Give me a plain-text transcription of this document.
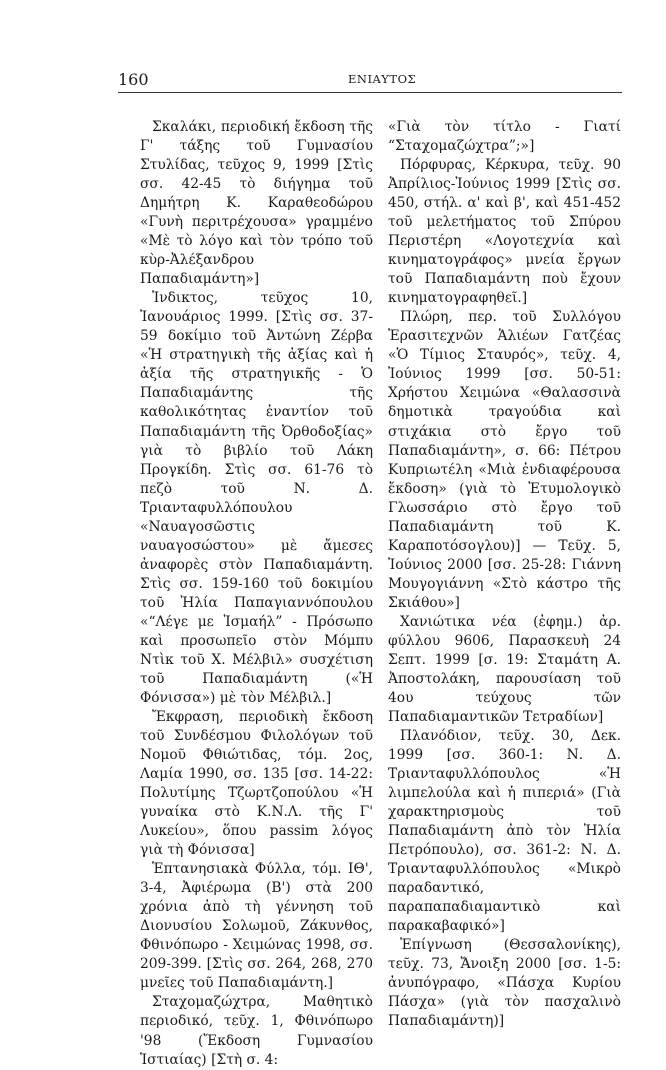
160	ΕΝΙΑΥΤΟΣ

Σκαλάκι, περιοδική ἔκδοση τῆς Γ' τάξης τοῦ Γυμνασίου Στυλίδας, τεῦχος 9, 1999 [Στὶς σσ. 42-45 τὸ διήγημα τοῦ Δημήτρη Κ. Καραθεοδώρου «Γυνὴ περιτρέχουσα» γραμμένο «Μὲ τὸ λόγο καὶ τὸν τρόπο τοῦ κὺρ-Ἀλέξανδρου Παπαδιαμάντη»]

Ἰνδικτος, τεῦχος 10, Ἰανουάριος 1999. [Στὶς σσ. 37-59 δοκίμιο τοῦ Ἀντώνη Ζέρβα «Ἡ στρατηγικὴ τῆς ἀξίας καὶ ἡ ἀξία τῆς στρατηγικῆς - Ὁ Παπαδιαμάντης τῆς καθολικότητας ἐναντίον τοῦ Παπαδιαμάντη τῆς Ὀρθοδοξίας» γιὰ τὸ βιβλίο τοῦ Λάκη Προγκίδη. Στὶς σσ. 61-76 τὸ πεζὸ τοῦ Ν. Δ. Τριανταφυλλόπουλου «Ναυαγοσῶστις ναυαγοσώστου» μὲ ἄμεσες ἀναφορὲς στὸν Παπαδιαμάντη. Στὶς σσ. 159-160 τοῦ δοκιμίου τοῦ Ἠλία Παπαγιαννόπουλου «“Λέγε με Ἰσμαήλ” - Πρόσωπο καὶ προσωπεῖο στὸν Μόμπυ Ντὶκ τοῦ Χ. Μέλβιλ» συσχέτιση τοῦ Παπαδιαμάντη («Ἡ Φόνισσα») μὲ τὸν Μέλβιλ.]

Ἔκφραση, περιοδικὴ ἔκδοση τοῦ Συνδέσμου Φιλολόγων τοῦ Νομοῦ Φθιώτιδας, τόμ. 2ος, Λαμία 1990, σσ. 135 [σσ. 14-22: Πολυτίμης Τζωρτζοπούλου «Ἡ γυναίκα στὸ Κ.Ν.Λ. τῆς Γ' Λυκείου», ὅπου passim λόγος γιὰ τὴ Φόνισσα]

Ἑπτανησιακὰ Φύλλα, τόμ. ΙΘ', 3-4, Ἀφιέρωμα (Β') στὰ 200 χρόνια ἀπὸ τὴ γέννηση τοῦ Διονυσίου Σολωμοῦ, Ζάκυνθος, Φθινόπωρο - Χειμώνας 1998, σσ. 209-399. [Στὶς σσ. 264, 268, 270 μνεῖες τοῦ Παπαδιαμάντη.]

Σταχομαζώχτρα, Μαθητικὸ περιοδικό, τεῦχ. 1, Φθινόπωρο '98 (Ἔκδοση Γυμνασίου Ἱστιαίας) [Στὴ σ. 4:

«Γιὰ τὸν τίτλο - Γιατί “Σταχομαζώχτρα”;»]

Πόρφυρας, Κέρκυρα, τεῦχ. 90 Ἀπρίλιος-Ἰούνιος 1999 [Στὶς σσ. 450, στήλ. α' καὶ β', καὶ 451-452 τοῦ μελετήματος τοῦ Σπύρου Περιστέρη «Λογοτεχνία καὶ κινηματογράφος» μνεία ἔργων τοῦ Παπαδιαμάντη ποὺ ἔχουν κινηματογραφηθεῖ.]

Πλώρη, περ. τοῦ Συλλόγου Ἐρασιτεχνῶν Ἁλιέων Γατζέας «Ὁ Τίμιος Σταυρός», τεῦχ. 4, Ἰούνιος 1999 [σσ. 50-51: Χρήστου Χειμώνα «Θαλασσινὰ δημοτικὰ τραγούδια καὶ στιχάκια στὸ ἔργο τοῦ Παπαδιαμάντη», σ. 66: Πέτρου Κυπριωτέλη «Μιὰ ἐνδιαφέρουσα ἔκδοση» (γιὰ τὸ Ἐτυμολογικὸ Γλωσσάριο στὸ ἔργο τοῦ Παπαδιαμάντη τοῦ Κ. Καραποτόσογλου)] — Τεῦχ. 5, Ἰούνιος 2000 [σσ. 25-28: Γιάννη Μουγογιάννη «Στὸ κάστρο τῆς Σκιάθου»]

Χανιώτικα νέα (ἐφημ.) ἀρ. φύλλου 9606, Παρασκευὴ 24 Σεπτ. 1999 [σ. 19: Σταμάτη Α. Ἀποστολάκη, παρουσίαση τοῦ 4ου τεύχους τῶν Παπαδιαμαντικῶν Τετραδίων]

Πλανόδιον, τεῦχ. 30, Δεκ. 1999 [σσ. 360-1: Ν. Δ. Τριανταφυλλόπουλος «Ἡ λιμπελούλα καὶ ἡ πιπεριά» (Γιὰ χαρακτηρισμοὺς τοῦ Παπαδιαμάντη ἀπὸ τὸν Ἠλία Πετρόπουλο), σσ. 361-2: Ν. Δ. Τριανταφυλλόπουλος «Μικρὸ παραδαντικό, παραπαπαδιαμαντικὸ καὶ παρακαβαφικό»]

Ἐπίγνωση (Θεσσαλονίκης), τεῦχ. 73, Ἄνοιξη 2000 [σσ. 1-5: ἀνυπόγραφο, «Πάσχα Κυρίου Πάσχα» (γιὰ τὸν πασχαλινὸ Παπαδιαμάντη)]
